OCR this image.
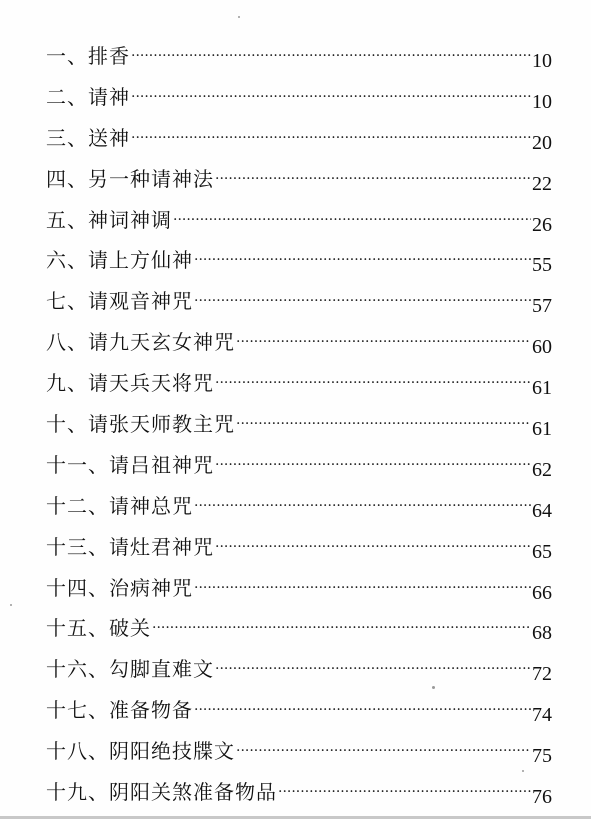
一、排香 ·····	10
二、请神 ·····	10
三、送神 ·····	20
四、另一种请神法 ·····	22
五、神词神调 ·····	26
六、请上方仙神 ·····	55
七、请观音神咒 ·····	57
八、请九天玄女神咒 ·····	60
九、请天兵天将咒 ·····	61
十、请张天师教主咒 ·····	61
十一、请吕祖神咒 ·····	62
十二、请神总咒 ·····	64
十三、请灶君神咒 ·····	65
十四、治病神咒 ·····	66
十五、破关 ·····	68
十六、勾脚直难文 ·····	72
十七、准备物备 ·····	74
十八、阴阳绝技牒文 ·····	75
十九、阴阳关煞准备物品 ·····	76
